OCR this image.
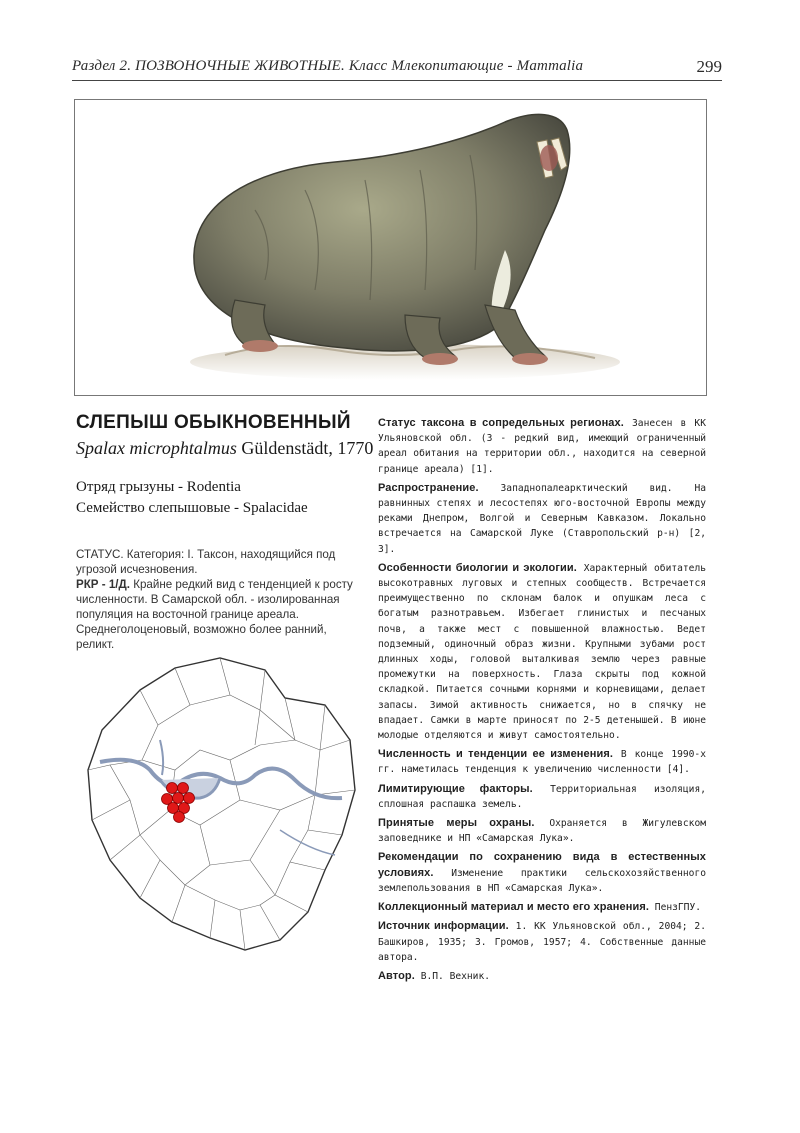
Раздел 2. ПОЗВОНОЧНЫЕ ЖИВОТНЫЕ. Класс Млекопитающие - Mammalia	299
СЛЕПЫШ ОБЫКНОВЕННЫЙ
Spalax microphtalmus Güldenstädt, 1770
Отряд грызуны - Rodentia
Семейство слепышовые - Spalacidae
СТАТУС. Категория: I. Таксон, находящийся под угрозой исчезновения.
РКР - 1/Д. Крайне редкий вид с тенденцией к росту численности. В Самарской обл. - изолированная популяция на восточной границе ареала. Среднеголоценовый, возможно более ранний, реликт.

Статус таксона в сопредельных регионах. Занесен в КК Ульяновской обл. (3 - редкий вид, имеющий ограниченный ареал обитания на территории обл., находится на северной границе ареала) [1].

Распространение. Западнопалеарктический вид. На равнинных степях и лесостепях юго-восточной Европы между реками Днепром, Волгой и Северным Кавказом. Локально встречается на Самарской Луке (Ставропольский р-н) [2, 3].

Особенности биологии и экологии. Характерный обитатель высокотравных луговых и степных сообществ. Встречается преимущественно по склонам балок и опушкам леса с богатым разнотравьем. Избегает глинистых и песчаных почв, а также мест с повышенной влажностью. Ведет подземный, одиночный образ жизни. Крупными зубами рост длинных ходы, головой выталкивая землю через равные промежутки на поверхность. Глаза скрыты под кожной складкой. Питается сочными корнями и корневищами, делает запасы. Зимой активность снижается, но в спячку не впадает. Самки в марте приносят по 2-5 детенышей. В июне молодые отделяются и живут самостоятельно.

Численность и тенденции ее изменения. В конце 1990-х гг. наметилась тенденция к увеличению численности [4].

Лимитирующие факторы. Территориальная изоляция, сплошная распашка земель.

Принятые меры охраны. Охраняется в Жигулевском заповеднике и НП «Самарская Лука».

Рекомендации по сохранению вида в естественных условиях. Изменение практики сельскохозяйственного землепользования в НП «Самарская Лука».

Коллекционный материал и место его хранения. ПензГПУ.

Источник информации. 1. КК Ульяновской обл., 2004; 2. Башкиров, 1935; 3. Громов, 1957; 4. Собственные данные автора.

Автор. В.П. Вехник.
